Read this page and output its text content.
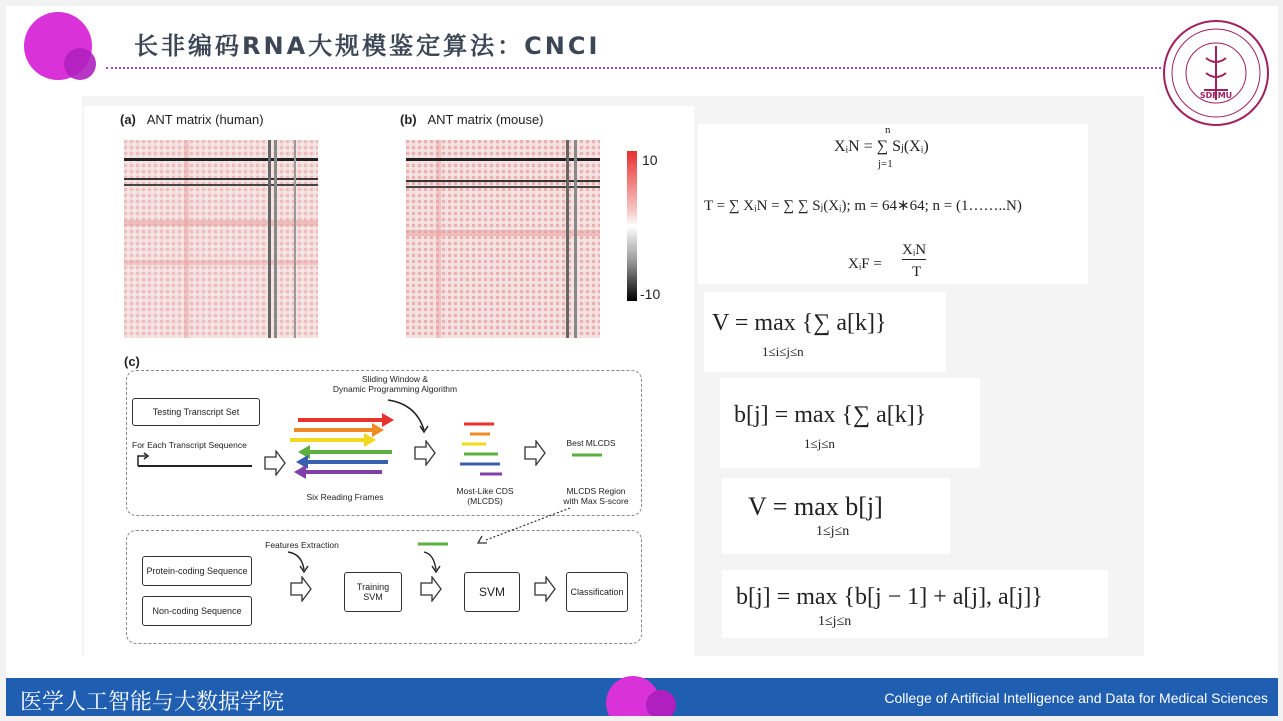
长非编码RNA大规模鉴定算法：CNCI
SDFMU
(a) ANT matrix (human)	(b) ANT matrix (mouse)
10
-10
(c)
Testing Transcript Set
For Each Transcript Sequence
Sliding Window &
Dynamic Programming Algorithm
Six Reading Frames
Most-Like CDS
(MLCDS)
Best MLCDS
MLCDS Region
with Max S-score
Features Extraction
Protein-coding Sequence
Non-coding Sequence
Training
SVM	SVM	Classification
n
XᵢN = ∑ Sⱼ(Xᵢ)
j=1
T = ∑ XᵢN = ∑ ∑ Sⱼ(Xᵢ); m = 64∗64; n = (1……..N)
XᵢF =
XᵢN
T
V = max {∑ a[k]}
1≤i≤j≤n
b[j] = max {∑ a[k]}
1≤j≤n
V = max b[j]
1≤j≤n
b[j] = max {b[j − 1] + a[j], a[j]}
1≤j≤n
医学人工智能与大数据学院	College of Artificial Intelligence and Data for Medical Sciences
